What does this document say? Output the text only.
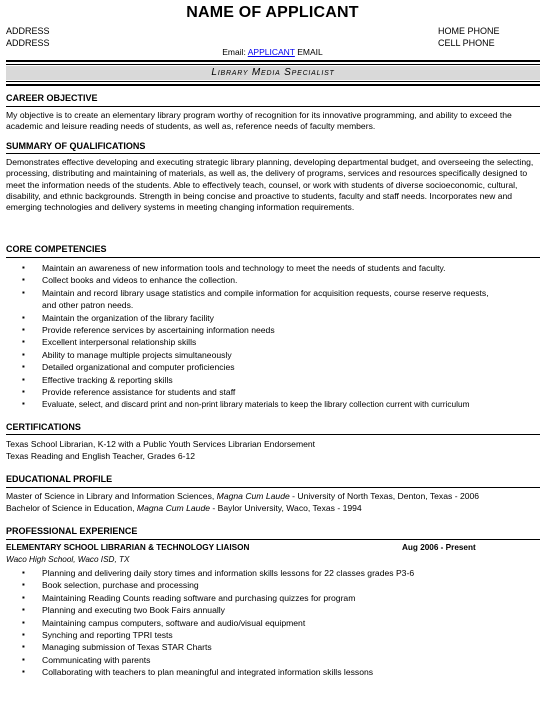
NAME OF APPLICANT
ADDRESS
ADDRESS
HOME PHONE
CELL PHONE
Email: APPLICANT EMAIL
Library Media Specialist
CAREER OBJECTIVE
My objective is to create an elementary library program worthy of recognition for its innovative programming, and ability to exceed the academic and leisure reading needs of students, as well as, reference needs of faculty members.
SUMMARY OF QUALIFICATIONS
Demonstrates effective developing and executing strategic library planning, developing departmental budget, and overseeing the selecting, processing, distributing and maintaining of materials, as well as, the delivery of programs, services and resources specifically designed to meet the information needs of the students. Able to effectively teach, counsel, or work with students of diverse socioeconomic, cultural, disability, and ethnic backgrounds. Strength in being concise and proactive to students, faculty and staff needs. Incorporates new and emerging technologies and delivery systems in meeting changing information requirements.
CORE COMPETENCIES
▪	Maintain an awareness of new information tools and technology to meet the needs of students and faculty.
▪	Collect books and videos to enhance the collection.
▪	Maintain and record library usage statistics and compile information for acquisition requests, course reserve requests, and other patron needs.
▪	Maintain the organization of the library facility
▪	Provide reference services by ascertaining information needs
▪	Excellent interpersonal relationship skills
▪	Ability to manage multiple projects simultaneously
▪	Detailed organizational and computer proficiencies
▪	Effective tracking & reporting skills
▪	Provide reference assistance for students and staff
▪	Evaluate, select, and discard print and non-print library materials to keep the library collection current with curriculum
CERTIFICATIONS
Texas School Librarian, K-12 with a Public Youth Services Librarian Endorsement
Texas Reading and English Teacher, Grades 6-12
EDUCATIONAL PROFILE
Master of Science in Library and Information Sciences, Magna Cum Laude - University of North Texas, Denton, Texas - 2006
Bachelor of Science in Education, Magna Cum Laude - Baylor University, Waco, Texas - 1994
PROFESSIONAL EXPERIENCE
ELEMENTARY SCHOOL LIBRARIAN & TECHNOLOGY LIAISON	Aug 2006 - Present
Waco High School, Waco ISD, TX
▪	Planning and delivering daily story times and information skills lessons for 22 classes grades P3-6
▪	Book selection, purchase and processing
▪	Maintaining Reading Counts reading software and purchasing quizzes for program
▪	Planning and executing two Book Fairs annually
▪	Maintaining campus computers, software and audio/visual equipment
▪	Synching and reporting TPRI tests
▪	Managing submission of Texas STAR Charts
▪	Communicating with parents
▪	Collaborating with teachers to plan meaningful and integrated information skills lessons
